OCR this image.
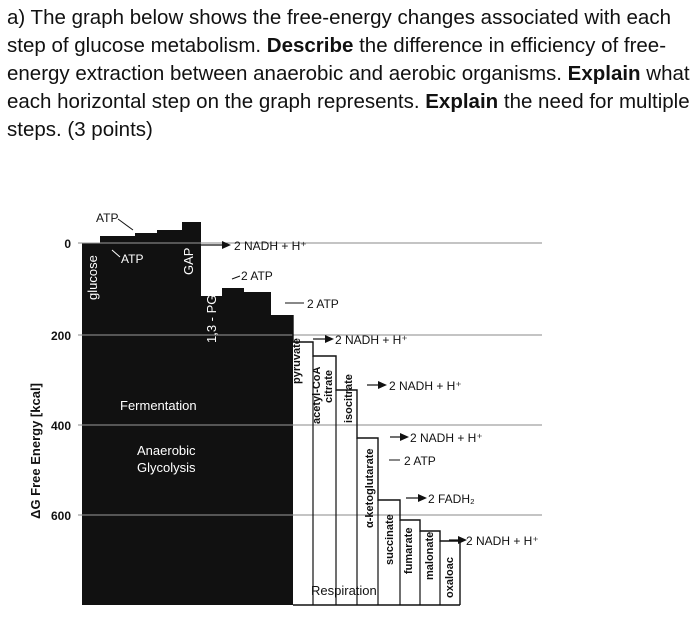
a) The graph below shows the free-energy changes associated with each step of glucose metabolism. Describe the difference in efficiency of free-energy extraction between anaerobic and aerobic organisms. Explain what each horizontal step on the graph represents. Explain the need for multiple steps. (3 points)
ΔG Free Energy [kcal]
0
200
400
600
ATP
ATP
glucose	GAP
1,3 - PG
Fermentation
Anaerobic
Glycolysis
Respiration
pyruvate
acetyl-CoA citrate isocitrate
α-ketoglutarate
succinate fumarate malonate oxaloac
2 NADH + H⁺
2 ATP
2 ATP
2 NADH + H⁺
2 NADH + H⁺
2 NADH + H⁺
2 ATP
2 FADH₂
2 NADH + H⁺
